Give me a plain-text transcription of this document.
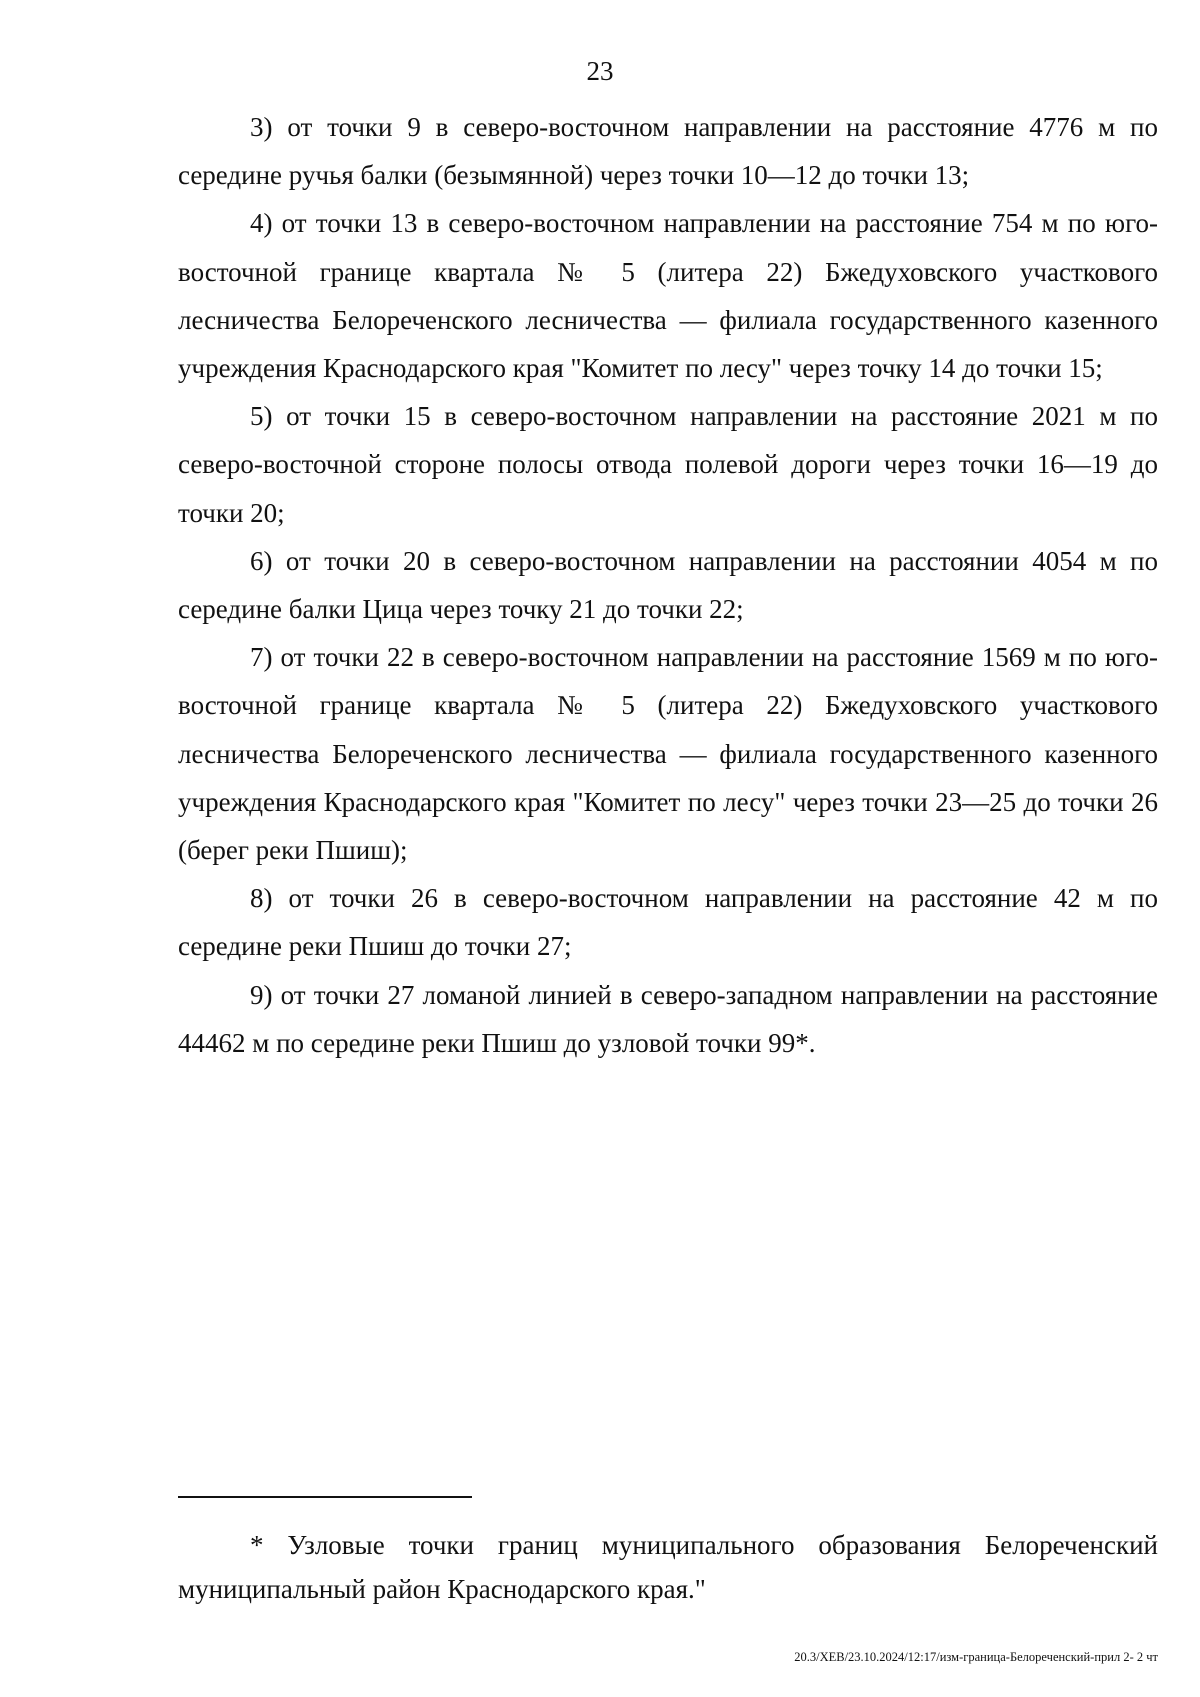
23

3) от точки 9 в северо-восточном направлении на расстояние 4776 м по середине ручья балки (безымянной) через точки 10—12 до точки 13;

4) от точки 13 в северо-восточном направлении на расстояние 754 м по юго-восточной границе квартала № 5 (литера 22) Бжедуховского участкового лесничества Белореченского лесничества — филиала государственного казенного учреждения Краснодарского края "Комитет по лесу" через точку 14 до точки 15;

5) от точки 15 в северо-восточном направлении на расстояние 2021 м по северо-восточной стороне полосы отвода полевой дороги через точки 16—19 до точки 20;

6) от точки 20 в северо-восточном направлении на расстоянии 4054 м по середине балки Цица через точку 21 до точки 22;

7) от точки 22 в северо-восточном направлении на расстояние 1569 м по юго-восточной границе квартала № 5 (литера 22) Бжедуховского участкового лесничества Белореченского лесничества — филиала государственного казенного учреждения Краснодарского края "Комитет по лесу" через точки 23—25 до точки 26 (берег реки Пшиш);

8) от точки 26 в северо-восточном направлении на расстояние 42 м по середине реки Пшиш до точки 27;

9) от точки 27 ломаной линией в северо-западном направлении на расстояние 44462 м по середине реки Пшиш до узловой точки 99*.

* Узловые точки границ муниципального образования Белореченский муниципальный район Краснодарского края."

20.3/ХЕВ/23.10.2024/12:17/изм-граница-Белореченский-прил 2- 2 чт
